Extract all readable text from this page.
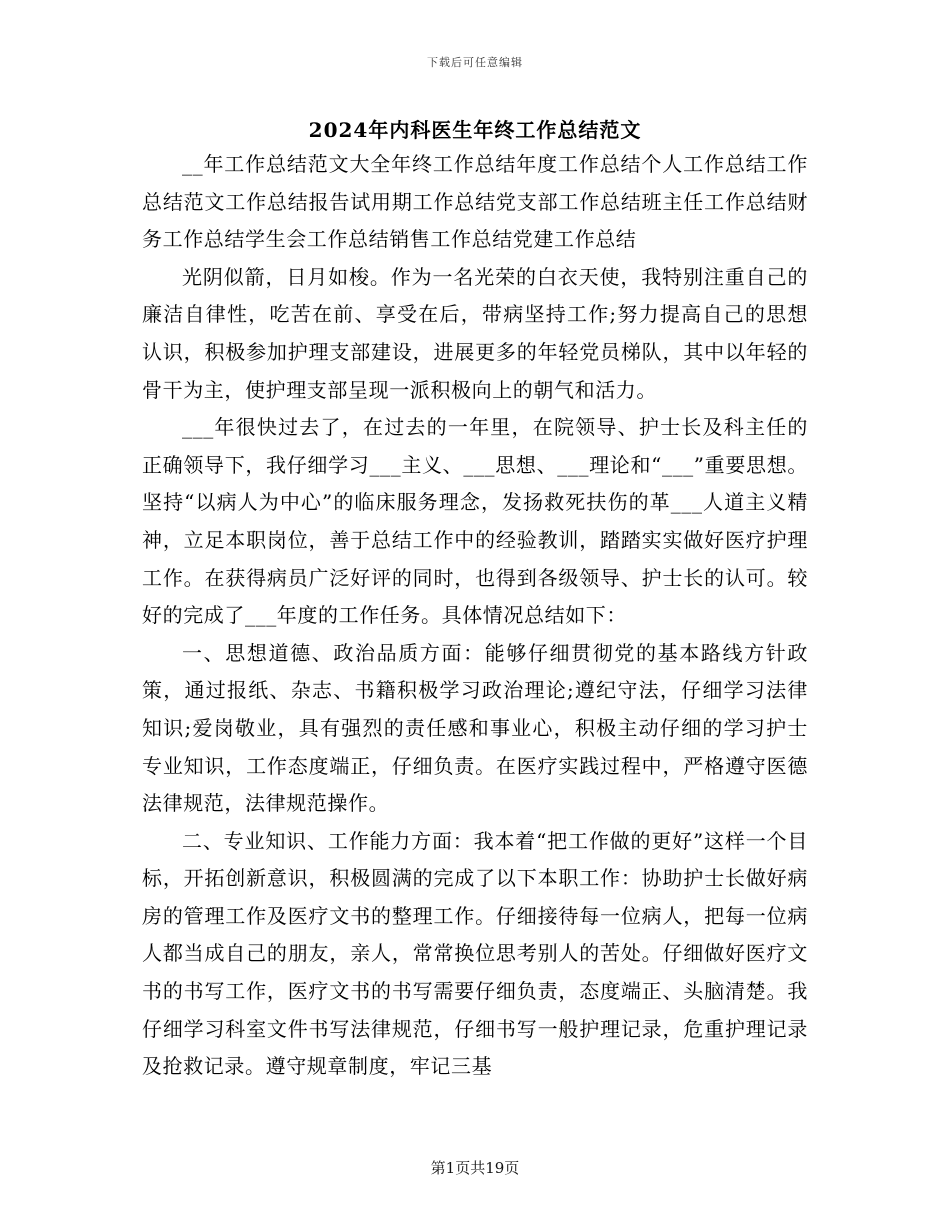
下载后可任意编辑
2024年内科医生年终工作总结范文

__年工作总结范文大全年终工作总结年度工作总结个人工作总结工作总结范文工作总结报告试用期工作总结党支部工作总结班主任工作总结财务工作总结学生会工作总结销售工作总结党建工作总结

光阴似箭，日月如梭。作为一名光荣的白衣天使，我特别注重自己的廉洁自律性，吃苦在前、享受在后，带病坚持工作;努力提高自己的思想认识，积极参加护理支部建设，进展更多的年轻党员梯队，其中以年轻的骨干为主，使护理支部呈现一派积极向上的朝气和活力。

___年很快过去了，在过去的一年里，在院领导、护士长及科主任的正确领导下，我仔细学习___主义、___思想、___理论和“___”重要思想。坚持“以病人为中心”的临床服务理念，发扬救死扶伤的革___人道主义精神，立足本职岗位，善于总结工作中的经验教训，踏踏实实做好医疗护理工作。在获得病员广泛好评的同时，也得到各级领导、护士长的认可。较好的完成了___年度的工作任务。具体情况总结如下：

一、思想道德、政治品质方面：能够仔细贯彻党的基本路线方针政策，通过报纸、杂志、书籍积极学习政治理论;遵纪守法，仔细学习法律知识;爱岗敬业，具有强烈的责任感和事业心，积极主动仔细的学习护士专业知识，工作态度端正，仔细负责。在医疗实践过程中，严格遵守医德法律规范，法律规范操作。

二、专业知识、工作能力方面：我本着“把工作做的更好”这样一个目标，开拓创新意识，积极圆满的完成了以下本职工作：协助护士长做好病房的管理工作及医疗文书的整理工作。仔细接待每一位病人，把每一位病人都当成自己的朋友，亲人，常常换位思考别人的苦处。仔细做好医疗文书的书写工作，医疗文书的书写需要仔细负责，态度端正、头脑清楚。我仔细学习科室文件书写法律规范，仔细书写一般护理记录，危重护理记录及抢救记录。遵守规章制度，牢记三基

第1页共19页
